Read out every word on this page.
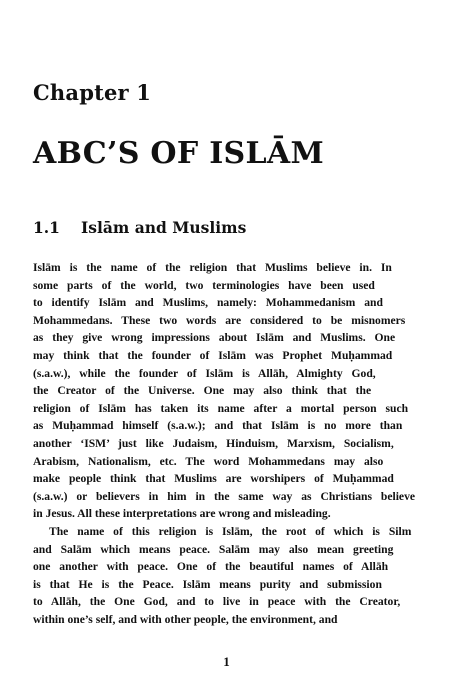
Chapter 1
ABC’S OF ISLĀM
1.1 Islām and Muslims
Islām is the name of the religion that Muslims believe in. In
some parts of the world, two terminologies have been used
to identify Islām and Muslims, namely: Mohammedanism and
Mohammedans. These two words are considered to be misnomers
as they give wrong impressions about Islām and Muslims. One
may think that the founder of Islām was Prophet Muḥammad
(s.a.w.), while the founder of Islām is Allāh, Almighty God,
the Creator of the Universe. One may also think that the
religion of Islām has taken its name after a mortal person such
as Muḥammad himself (s.a.w.); and that Islām is no more than
another ‘ISM’ just like Judaism, Hinduism, Marxism, Socialism,
Arabism, Nationalism, etc. The word Mohammedans may also
make people think that Muslims are worshipers of Muḥammad
(s.a.w.) or believers in him in the same way as Christians believe
in Jesus. All these interpretations are wrong and misleading.
The name of this religion is Islām, the root of which is Silm
and Salām which means peace. Salām may also mean greeting
one another with peace. One of the beautiful names of Allāh
is that He is the Peace. Islām means purity and submission
to Allāh, the One God, and to live in peace with the Creator,
within one’s self, and with other people, the environment, and
1
